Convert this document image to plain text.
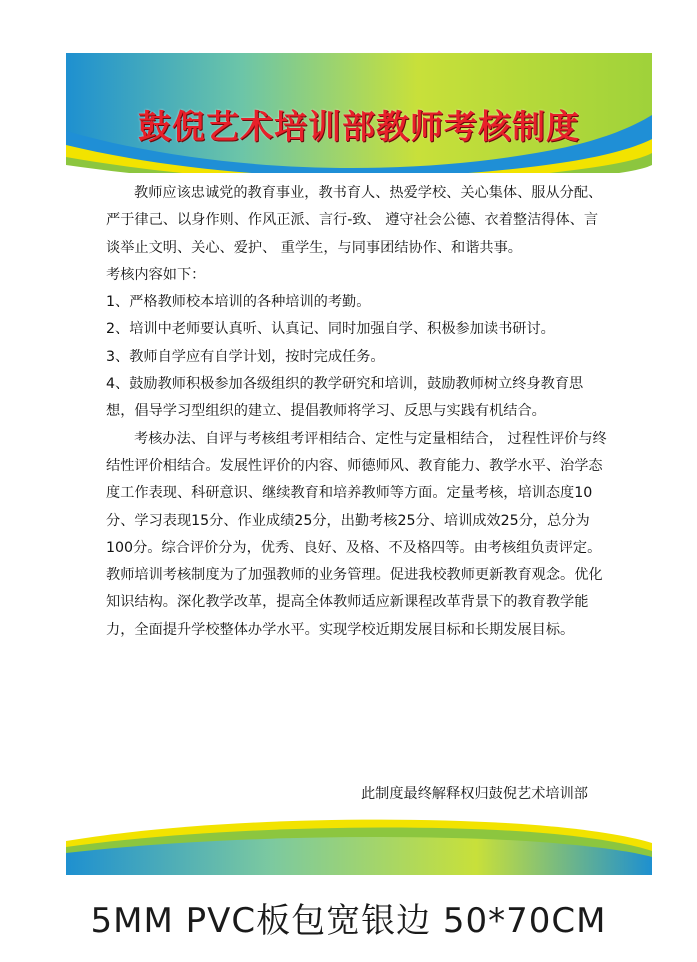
鼓倪艺术培训部教师考核制度

教师应该忠诚党的教育事业，教书育人、热爱学校、关心集体、服从分配、严于律己、以身作则、作风正派、言行-致、 遵守社会公德、衣着整洁得体、言谈举止文明、关心、爱护、 重学生，与同事团结协作、和谐共事。

考核内容如下：

1、严格教师校本培训的各种培训的考勤。

2、培训中老师要认真听、认真记、同时加强自学、积极参加读书研讨。

3、教师自学应有自学计划，按时完成任务。

4、鼓励教师积极参加各级组织的教学研究和培训，鼓励教师树立终身教育思想，倡导学习型组织的建立、提倡教师将学习、反思与实践有机结合。

考核办法、自评与考核组考评相结合、定性与定量相结合， 过程性评价与终结性评价相结合。发展性评价的内容、师德师风、教育能力、教学水平、治学态度工作表现、科研意识、继续教育和培养教师等方面。定量考核，培训态度10分、学习表现15分、作业成绩25分，出勤考核25分、培训成效25分，总分为100分。综合评价分为，优秀、良好、及格、不及格四等。由考核组负责评定。教师培训考核制度为了加强教师的业务管理。促进我校教师更新教育观念。优化知识结构。深化教学改革，提高全体教师适应新课程改革背景下的教育教学能力，全面提升学校整体办学水平。实现学校近期发展目标和长期发展目标。

此制度最终解释权归鼓倪艺术培训部
5MM PVC板包宽银边 50*70CM
